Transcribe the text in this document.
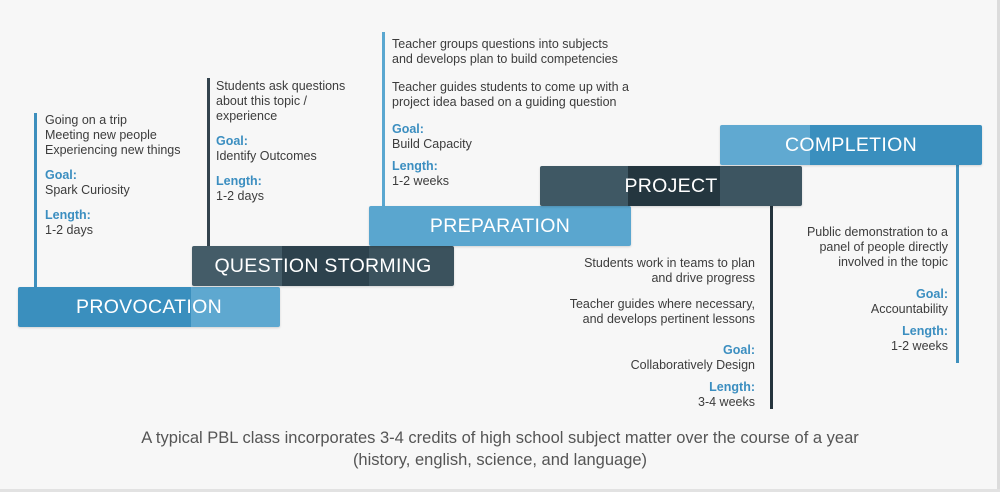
PROVOCATION
QUESTION STORMING
PREPARATION
PROJECT
COMPLETION

Going on a trip

Meeting new people

Experiencing new things

Goal:

Spark Curiosity

Length:

1-2 days

Students ask questions

about this topic /

experience

Goal:

Identify Outcomes

Length:

1-2 days

Teacher groups questions into subjects

and develops plan to build competencies

Teacher guides students to come up with a

project idea based on a guiding question

Goal:

Build Capacity

Length:

1-2 weeks

Students work in teams to plan

and drive progress

Teacher guides where necessary,

and develops pertinent lessons

Goal:

Collaboratively Design

Length:

3-4 weeks

Public demonstration to a

panel of people directly

involved in the topic

Goal:

Accountability

Length:

1-2 weeks

A typical PBL class incorporates 3-4 credits of high school subject matter over the course of a year
(history, english, science, and language)
